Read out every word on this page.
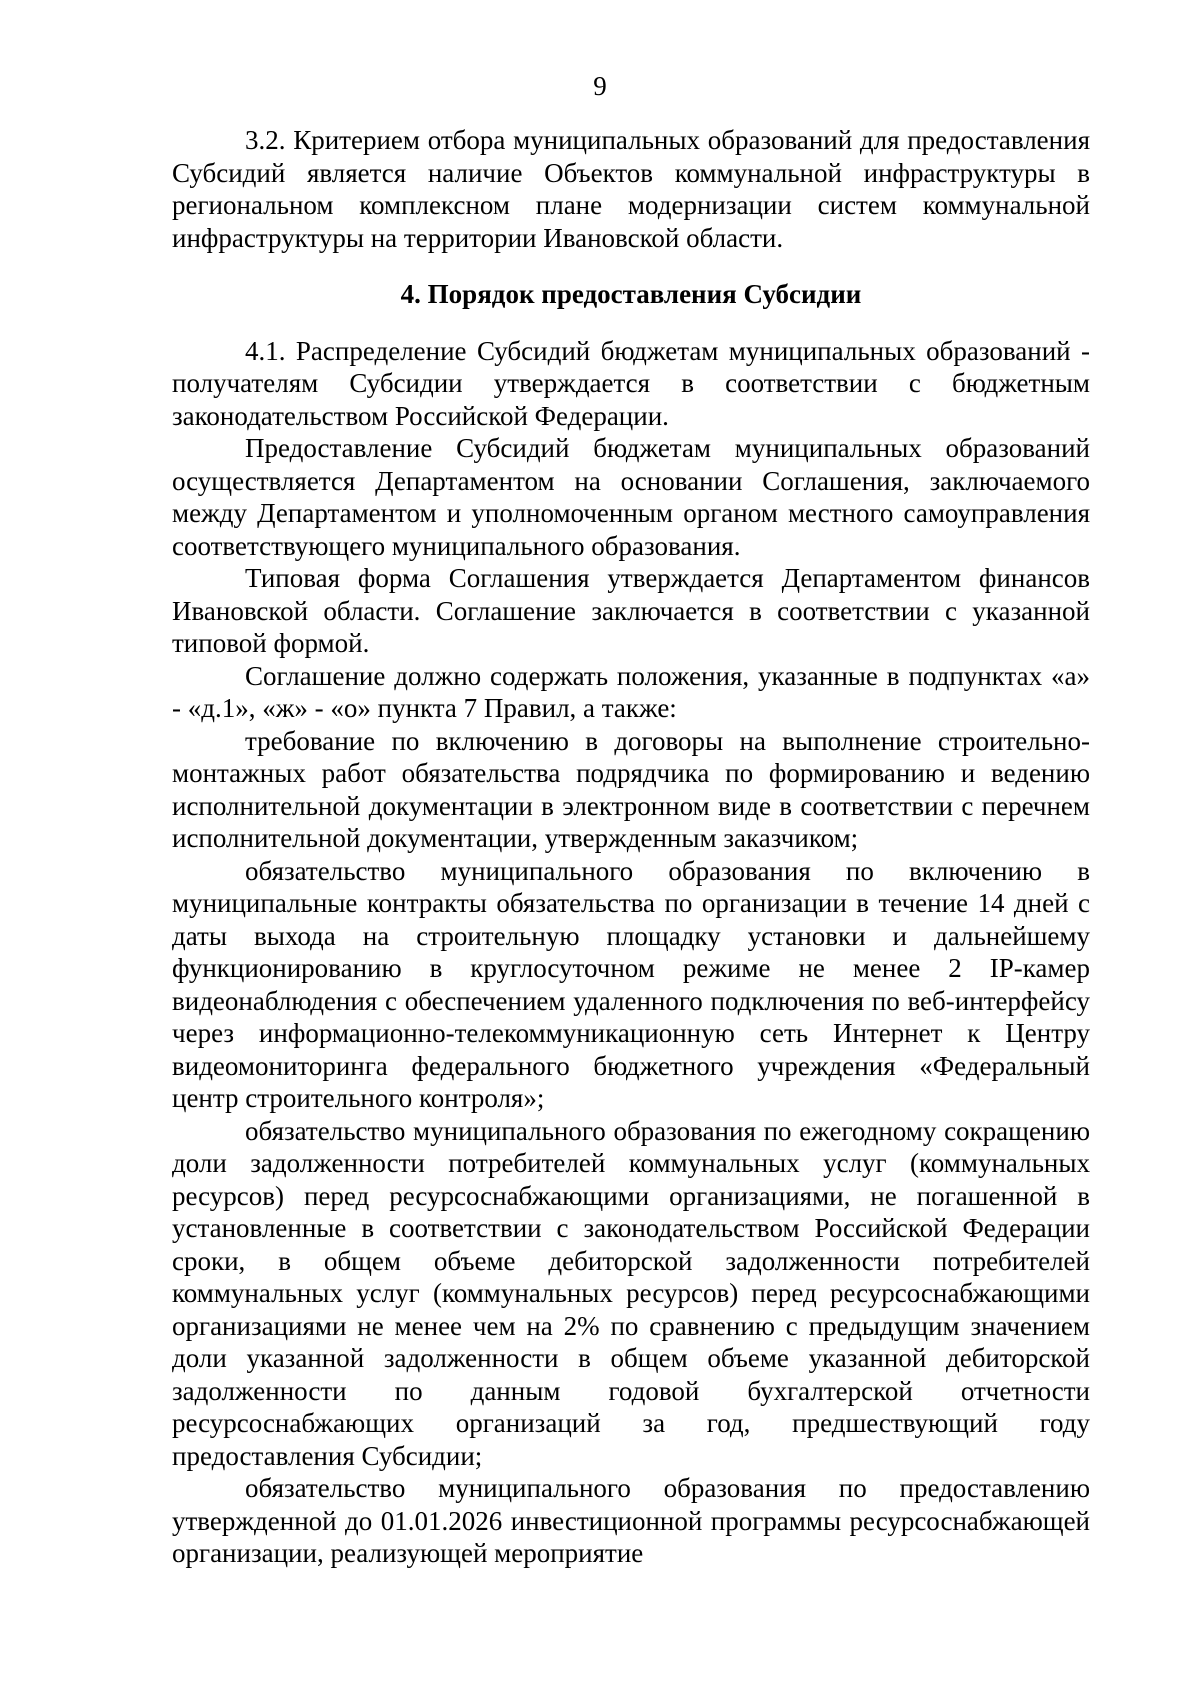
9

3.2. Критерием отбора муниципальных образований для предоставления Субсидий является наличие Объектов коммунальной инфраструктуры в региональном комплексном плане модернизации систем коммунальной инфраструктуры на территории Ивановской области.

4. Порядок предоставления Субсидии

4.1. Распределение Субсидий бюджетам муниципальных образований - получателям Субсидии утверждается в соответствии с бюджетным законодательством Российской Федерации.

Предоставление Субсидий бюджетам муниципальных образований осуществляется Департаментом на основании Соглашения, заключаемого между Департаментом и уполномоченным органом местного самоуправления соответствующего муниципального образования.

Типовая форма Соглашения утверждается Департаментом финансов Ивановской области. Соглашение заключается в соответствии с указанной типовой формой.

Соглашение должно содержать положения, указанные в подпунктах «а» - «д.1», «ж» - «о» пункта 7 Правил, а также:

требование по включению в договоры на выполнение строительно-монтажных работ обязательства подрядчика по формированию и ведению исполнительной документации в электронном виде в соответствии с перечнем исполнительной документации, утвержденным заказчиком;

обязательство муниципального образования по включению в муниципальные контракты обязательства по организации в течение 14 дней с даты выхода на строительную площадку установки и дальнейшему функционированию в круглосуточном режиме не менее 2 IP-камер видеонаблюдения с обеспечением удаленного подключения по веб-интерфейсу через информационно-телекоммуникационную сеть Интернет к Центру видеомониторинга федерального бюджетного учреждения «Федеральный центр строительного контроля»;

обязательство муниципального образования по ежегодному сокращению доли задолженности потребителей коммунальных услуг (коммунальных ресурсов) перед ресурсоснабжающими организациями, не погашенной в установленные в соответствии с законодательством Российской Федерации сроки, в общем объеме дебиторской задолженности потребителей коммунальных услуг (коммунальных ресурсов) перед ресурсоснабжающими организациями не менее чем на 2% по сравнению с предыдущим значением доли указанной задолженности в общем объеме указанной дебиторской задолженности по данным годовой бухгалтерской отчетности ресурсоснабжающих организаций за год, предшествующий году предоставления Субсидии;

обязательство муниципального образования по предоставлению утвержденной до 01.01.2026 инвестиционной программы ресурсоснабжающей организации, реализующей мероприятие
